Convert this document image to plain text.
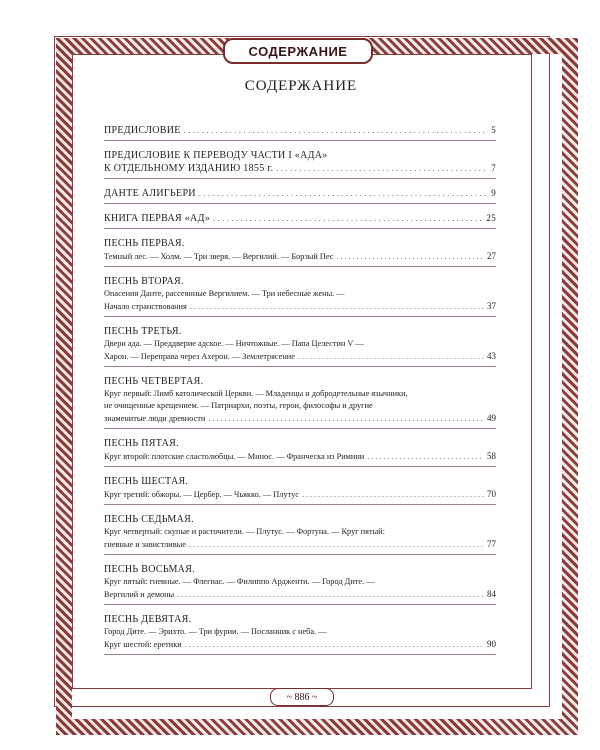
СОДЕРЖАНИЕ
СОДЕРЖАНИЕ
ПРЕДИСЛОВИЕ . . .	5
ПРЕДИСЛОВИЕ К ПЕРЕВОДУ ЧАСТИ I «АДА»
К ОТДЕЛЬНОМУ ИЗДАНИЮ 1855 г. . . .	7
ДАНТЕ АЛИГЬЕРИ . . .	9
КНИГА ПЕРВАЯ «АД» . . .	25
ПЕСНЬ ПЕРВАЯ.
Темный лес. — Холм. — Три зверя. — Вергилий. — Борзый Пес . . .	27
ПЕСНЬ ВТОРАЯ.
Опасения Данте, рассеянные Вергилием. — Три небесные жены. —
Начало странствования . . .	37
ПЕСНЬ ТРЕТЬЯ.
Двери ада. — Преддверие адское. — Ничтожные. — Папа Целестин V —
Харон. — Переправа через Ахерон. — Землетрясение . . .	43
ПЕСНЬ ЧЕТВЕРТАЯ.
Круг первый: Лимб католической Церкви. — Младенцы и добродетельные язычники,
не очищенные крещением. — Патриархи, поэты, герои, философы и другие
знаменитые люди древности . . .	49
ПЕСНЬ ПЯТАЯ.
Круг второй: плотские сластолюбцы. — Минос. — Франческа из Римини . . .	58
ПЕСНЬ ШЕСТАЯ.
Круг третий: обжоры. — Цербер. — Чьякко. — Плутус . . .	70
ПЕСНЬ СЕДЬМАЯ.
Круг четвертый: скупые и расточители. — Плутус. — Фортуна. — Круг пятый:
гневные и завистливые . . .	77
ПЕСНЬ ВОСЬМАЯ.
Круг пятый: гневные. — Флегиас. — Филиппо Ардженти. — Город Дите. —
Вергилий и демоны . . .	84
ПЕСНЬ ДЕВЯТАЯ.
Город Дите. — Эрихто. — Три фурии. — Посланник с неба. —
Круг шестой: еретики . . .	90
~ 886 ~
